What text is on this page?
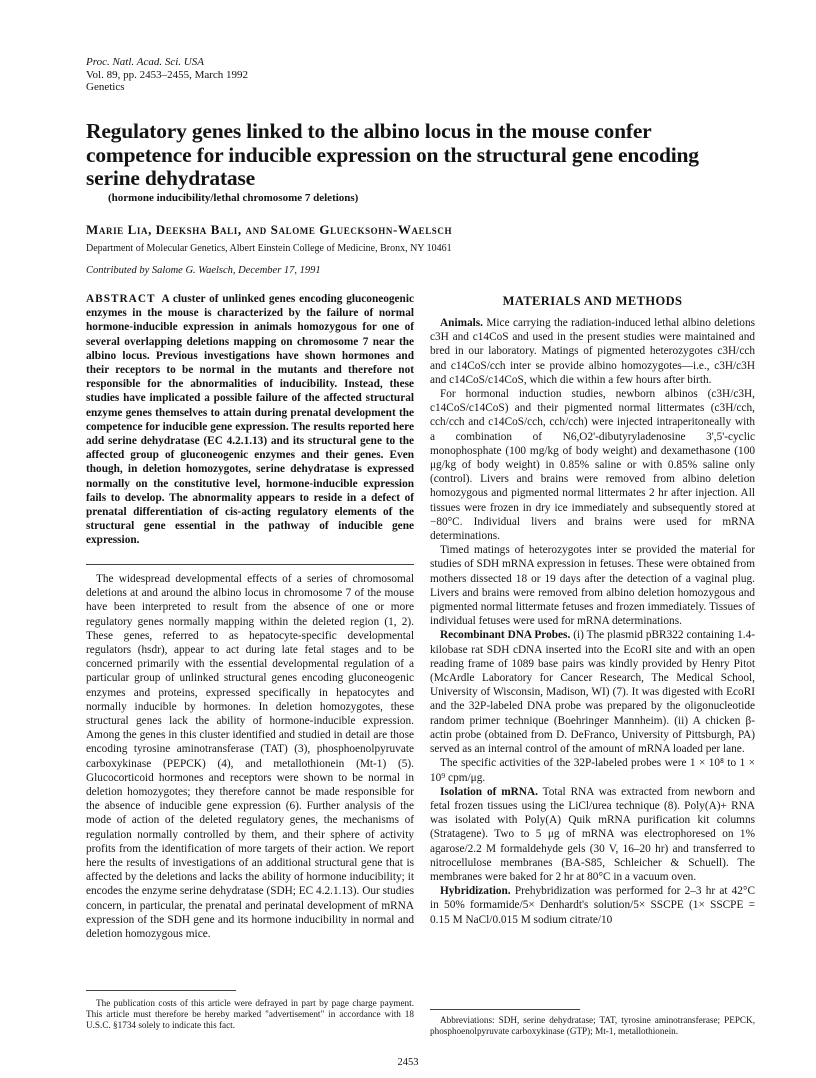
Proc. Natl. Acad. Sci. USA
Vol. 89, pp. 2453–2455, March 1992
Genetics
Regulatory genes linked to the albino locus in the mouse confer competence for inducible expression on the structural gene encoding serine dehydratase
(hormone inducibility/lethal chromosome 7 deletions)
Marie Lia, Deeksha Bali, and Salome Gluecksohn-Waelsch
Department of Molecular Genetics, Albert Einstein College of Medicine, Bronx, NY 10461
Contributed by Salome G. Waelsch, December 17, 1991
ABSTRACT A cluster of unlinked genes encoding gluconeogenic enzymes in the mouse is characterized by the failure of normal hormone-inducible expression in animals homozygous for one of several overlapping deletions mapping on chromosome 7 near the albino locus. Previous investigations have shown hormones and their receptors to be normal in the mutants and therefore not responsible for the abnormalities of inducibility. Instead, these studies have implicated a possible failure of the affected structural enzyme genes themselves to attain during prenatal development the competence for inducible gene expression. The results reported here add serine dehydratase (EC 4.2.1.13) and its structural gene to the affected group of gluconeogenic enzymes and their genes. Even though, in deletion homozygotes, serine dehydratase is expressed normally on the constitutive level, hormone-inducible expression fails to develop. The abnormality appears to reside in a defect of prenatal differentiation of cis-acting regulatory elements of the structural gene essential in the pathway of inducible gene expression.

The widespread developmental effects of a series of chromosomal deletions at and around the albino locus in chromosome 7 of the mouse have been interpreted to result from the absence of one or more regulatory genes normally mapping within the deleted region (1, 2). These genes, referred to as hepatocyte-specific developmental regulators (hsdr), appear to act during late fetal stages and to be concerned primarily with the essential developmental regulation of a particular group of unlinked structural genes encoding gluconeogenic enzymes and proteins, expressed specifically in hepatocytes and normally inducible by hormones. In deletion homozygotes, these structural genes lack the ability of hormone-inducible expression. Among the genes in this cluster identified and studied in detail are those encoding tyrosine aminotransferase (TAT) (3), phosphoenolpyruvate carboxykinase (PEPCK) (4), and metallothionein (Mt-1) (5). Glucocorticoid hormones and receptors were shown to be normal in deletion homozygotes; they therefore cannot be made responsible for the absence of inducible gene expression (6). Further analysis of the mode of action of the deleted regulatory genes, the mechanisms of regulation normally controlled by them, and their sphere of activity profits from the identification of more targets of their action. We report here the results of investigations of an additional structural gene that is affected by the deletions and lacks the ability of hormone inducibility; it encodes the enzyme serine dehydratase (SDH; EC 4.2.1.13). Our studies concern, in particular, the prenatal and perinatal development of mRNA expression of the SDH gene and its hormone inducibility in normal and deletion homozygous mice.

The publication costs of this article were defrayed in part by page charge payment. This article must therefore be hereby marked "advertisement" in accordance with 18 U.S.C. §1734 solely to indicate this fact.
MATERIALS AND METHODS

Animals. Mice carrying the radiation-induced lethal albino deletions c3H and c14CoS and used in the present studies were maintained and bred in our laboratory. Matings of pigmented heterozygotes c3H/cch and c14CoS/cch inter se provide albino homozygotes—i.e., c3H/c3H and c14CoS/c14CoS, which die within a few hours after birth.

For hormonal induction studies, newborn albinos (c3H/c3H, c14CoS/c14CoS) and their pigmented normal littermates (c3H/cch, cch/cch and c14CoS/cch, cch/cch) were injected intraperitoneally with a combination of N6,O2'-dibutyryladenosine 3',5'-cyclic monophosphate (100 mg/kg of body weight) and dexamethasone (100 μg/kg of body weight) in 0.85% saline or with 0.85% saline only (control). Livers and brains were removed from albino deletion homozygous and pigmented normal littermates 2 hr after injection. All tissues were frozen in dry ice immediately and subsequently stored at −80°C. Individual livers and brains were used for mRNA determinations.

Timed matings of heterozygotes inter se provided the material for studies of SDH mRNA expression in fetuses. These were obtained from mothers dissected 18 or 19 days after the detection of a vaginal plug. Livers and brains were removed from albino deletion homozygous and pigmented normal littermate fetuses and frozen immediately. Tissues of individual fetuses were used for mRNA determinations.

Recombinant DNA Probes. (i) The plasmid pBR322 containing 1.4-kilobase rat SDH cDNA inserted into the EcoRI site and with an open reading frame of 1089 base pairs was kindly provided by Henry Pitot (McArdle Laboratory for Cancer Research, The Medical School, University of Wisconsin, Madison, WI) (7). It was digested with EcoRI and the 32P-labeled DNA probe was prepared by the oligonucleotide random primer technique (Boehringer Mannheim). (ii) A chicken β-actin probe (obtained from D. DeFranco, University of Pittsburgh, PA) served as an internal control of the amount of mRNA loaded per lane.

The specific activities of the 32P-labeled probes were 1 × 10⁸ to 1 × 10⁹ cpm/μg.

Isolation of mRNA. Total RNA was extracted from newborn and fetal frozen tissues using the LiCl/urea technique (8). Poly(A)+ RNA was isolated with Poly(A) Quik mRNA purification kit columns (Stratagene). Two to 5 μg of mRNA was electrophoresed on 1% agarose/2.2 M formaldehyde gels (30 V, 16–20 hr) and transferred to nitrocellulose membranes (BA-S85, Schleicher & Schuell). The membranes were baked for 2 hr at 80°C in a vacuum oven.

Hybridization. Prehybridization was performed for 2–3 hr at 42°C in 50% formamide/5× Denhardt's solution/5× SSCPE (1× SSCPE = 0.15 M NaCl/0.015 M sodium citrate/10

Abbreviations: SDH, serine dehydratase; TAT, tyrosine aminotransferase; PEPCK, phosphoenolpyruvate carboxykinase (GTP); Mt-1, metallothionein.
2453
